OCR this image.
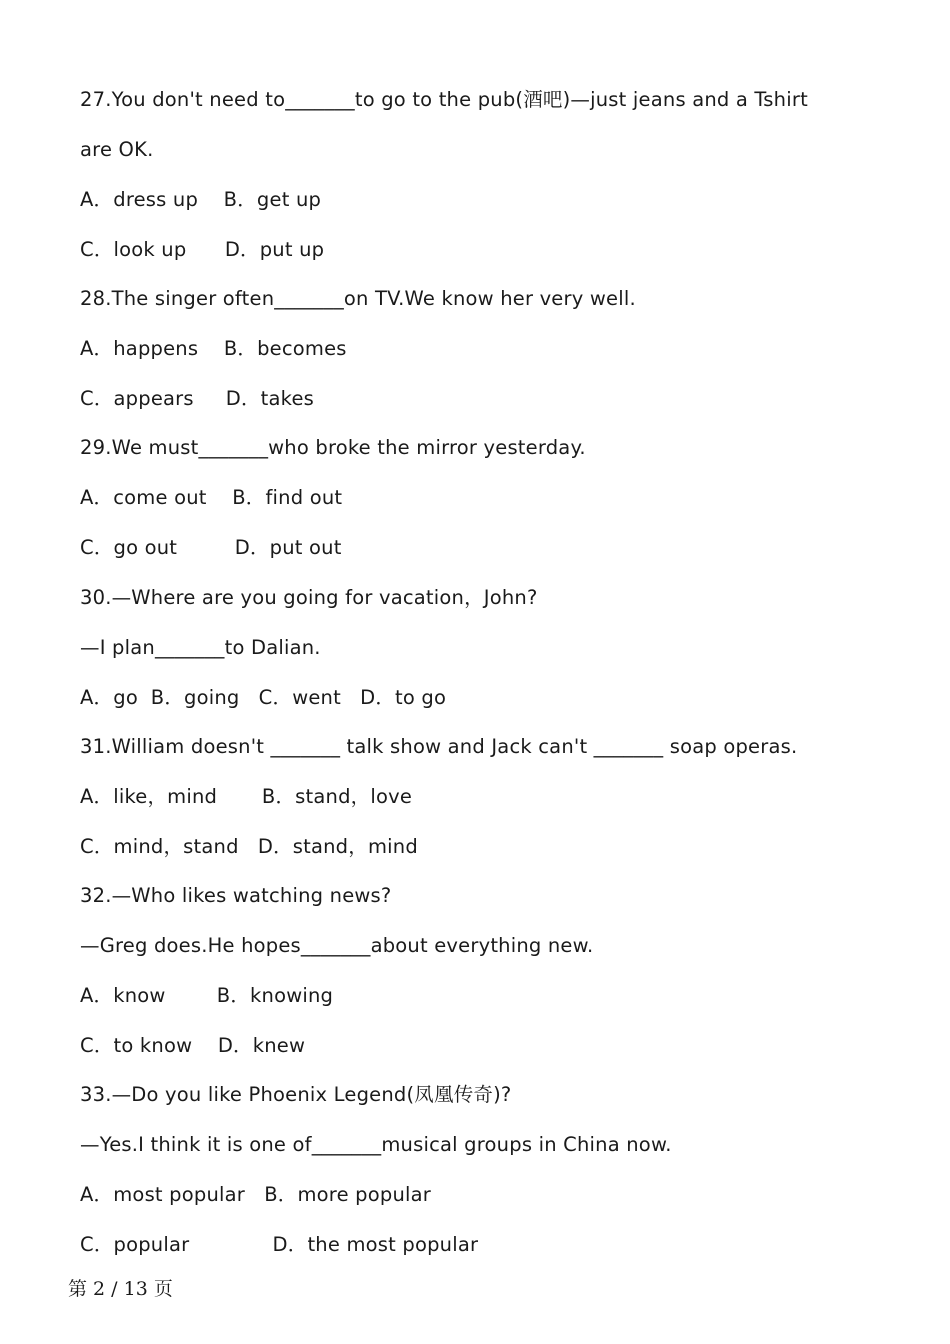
27.You don't need to_______to go to the pub(酒吧)—just jeans and a Tshirt
are OK.
A．dress up    B．get up
C．look up      D．put up
28.The singer often_______on TV.We know her very well.
A．happens    B．becomes
C．appears     D．takes
29.We must_______who broke the mirror yesterday.
A．come out    B．find out
C．go out         D．put out
30.—Where are you going for vacation，John?
—I plan_______to Dalian.
A．go  B．going   C．went   D．to go
31.William doesn't _______ talk show and Jack can't _______ soap operas.
A．like，mind       B．stand，love
C．mind，stand   D．stand，mind
32.—Who likes watching news?
—Greg does.He hopes_______about everything new.
A．know        B．knowing
C．to know    D．knew
33.—Do you like Phoenix Legend(凤凰传奇)?
—Yes.I think it is one of_______musical groups in China now.
A．most popular   B．more popular
C．popular             D．the most popular
第 2 / 13 页
